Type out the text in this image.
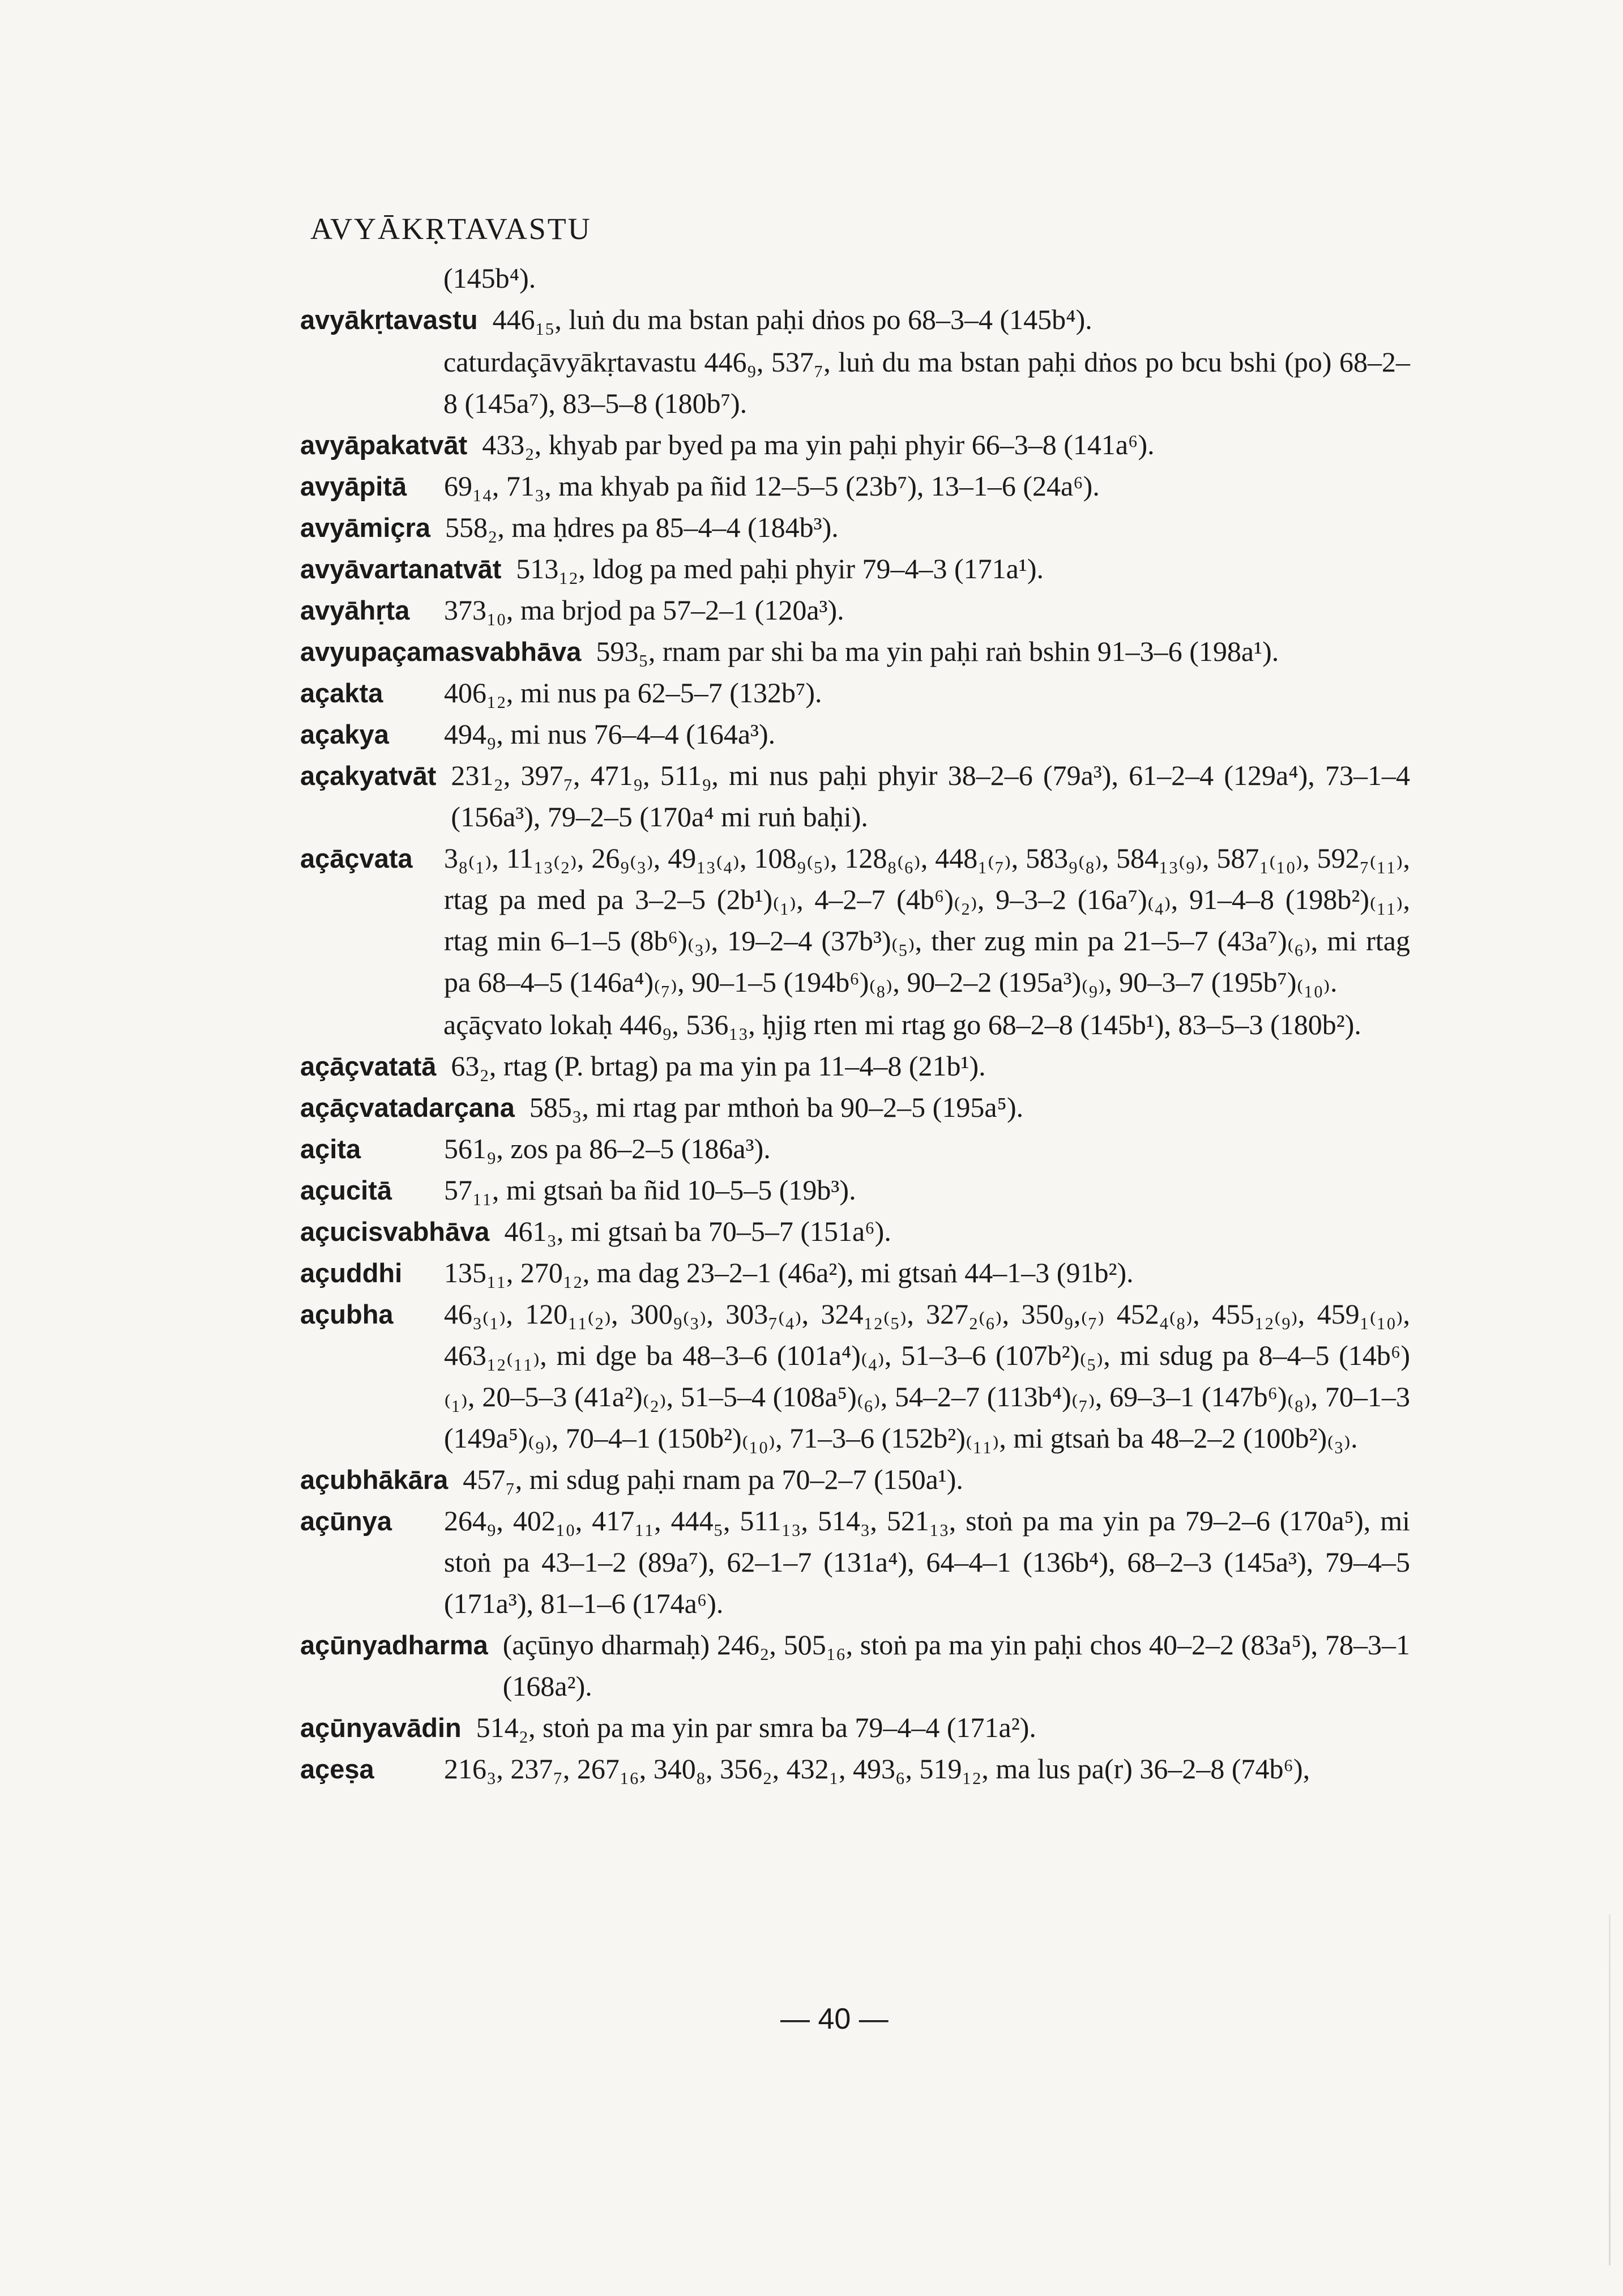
AVYĀKṚTAVASTU
(145b⁴).
avyākṛtavastu 446₁₅, luṅ du ma bstan paḥi dṅos po 68–3–4 (145b⁴).
caturdaçāvyākṛtavastu 446₉, 537₇, luṅ du ma bstan paḥi dṅos po bcu bshi (po) 68–2–8 (145a⁷), 83–5–8 (180b⁷).
avyāpakatvāt 433₂, khyab par byed pa ma yin paḥi phyir 66–3–8 (141a⁶).
avyāpitā	69₁₄, 71₃, ma khyab pa ñid 12–5–5 (23b⁷), 13–1–6 (24a⁶).
avyāmiçra 558₂, ma ḥdres pa 85–4–4 (184b³).
avyāvartanatvāt 513₁₂, ldog pa med paḥi phyir 79–4–3 (171a¹).
avyāhṛta	373₁₀, ma brjod pa 57–2–1 (120a³).
avyupaçamasvabhāva 593₅, rnam par shi ba ma yin paḥi raṅ bshin 91–3–6 (198a¹).
açakta	406₁₂, mi nus pa 62–5–7 (132b⁷).
açakya	494₉, mi nus 76–4–4 (164a³).
açakyatvāt 231₂, 397₇, 471₉, 511₉, mi nus paḥi phyir 38–2–6 (79a³), 61–2–4 (129a⁴), 73–1–4 (156a³), 79–2–5 (170a⁴ mi ruṅ baḥi).
açāçvata	3₈₍₁₎, 11₁₃₍₂₎, 26₉₍₃₎, 49₁₃₍₄₎, 108₉₍₅₎, 128₈₍₆₎, 448₁₍₇₎, 583₉₍₈₎, 584₁₃₍₉₎, 587₁₍₁₀₎, 592₇₍₁₁₎, rtag pa med pa 3–2–5 (2b¹)₍₁₎, 4–2–7 (4b⁶)₍₂₎, 9–3–2 (16a⁷)₍₄₎, 91–4–8 (198b²)₍₁₁₎, rtag min 6–1–5 (8b⁶)₍₃₎, 19–2–4 (37b³)₍₅₎, ther zug min pa 21–5–7 (43a⁷)₍₆₎, mi rtag pa 68–4–5 (146a⁴)₍₇₎, 90–1–5 (194b⁶)₍₈₎, 90–2–2 (195a³)₍₉₎, 90–3–7 (195b⁷)₍₁₀₎.
açāçvato lokaḥ 446₉, 536₁₃, ḥjig rten mi rtag go 68–2–8 (145b¹), 83–5–3 (180b²).
açāçvatatā 63₂, rtag (P. brtag) pa ma yin pa 11–4–8 (21b¹).
açāçvatadarçana 585₃, mi rtag par mthoṅ ba 90–2–5 (195a⁵).
açita	561₉, zos pa 86–2–5 (186a³).
açucitā	57₁₁, mi gtsaṅ ba ñid 10–5–5 (19b³).
açucisvabhāva 461₃, mi gtsaṅ ba 70–5–7 (151a⁶).
açuddhi	135₁₁, 270₁₂, ma dag 23–2–1 (46a²), mi gtsaṅ 44–1–3 (91b²).
açubha	46₃₍₁₎, 120₁₁₍₂₎, 300₉₍₃₎, 303₇₍₄₎, 324₁₂₍₅₎, 327₂₍₆₎, 350₉,₍₇₎ 452₄₍₈₎, 455₁₂₍₉₎, 459₁₍₁₀₎, 463₁₂₍₁₁₎, mi dge ba 48–3–6 (101a⁴)₍₄₎, 51–3–6 (107b²)₍₅₎, mi sdug pa 8–4–5 (14b⁶)₍₁₎, 20–5–3 (41a²)₍₂₎, 51–5–4 (108a⁵)₍₆₎, 54–2–7 (113b⁴)₍₇₎, 69–3–1 (147b⁶)₍₈₎, 70–1–3 (149a⁵)₍₉₎, 70–4–1 (150b²)₍₁₀₎, 71–3–6 (152b²)₍₁₁₎, mi gtsaṅ ba 48–2–2 (100b²)₍₃₎.
açubhākāra 457₇, mi sdug paḥi rnam pa 70–2–7 (150a¹).
açūnya	264₉, 402₁₀, 417₁₁, 444₅, 511₁₃, 514₃, 521₁₃, stoṅ pa ma yin pa 79–2–6 (170a⁵), mi stoṅ pa 43–1–2 (89a⁷), 62–1–7 (131a⁴), 64–4–1 (136b⁴), 68–2–3 (145a³), 79–4–5 (171a³), 81–1–6 (174a⁶).
açūnyadharma (açūnyo dharmaḥ) 246₂, 505₁₆, stoṅ pa ma yin paḥi chos 40–2–2 (83a⁵), 78–3–1 (168a²).
açūnyavādin 514₂, stoṅ pa ma yin par smra ba 79–4–4 (171a²).
açeṣa	216₃, 237₇, 267₁₆, 340₈, 356₂, 432₁, 493₆, 519₁₂, ma lus pa(r) 36–2–8 (74b⁶),
— 40 —
